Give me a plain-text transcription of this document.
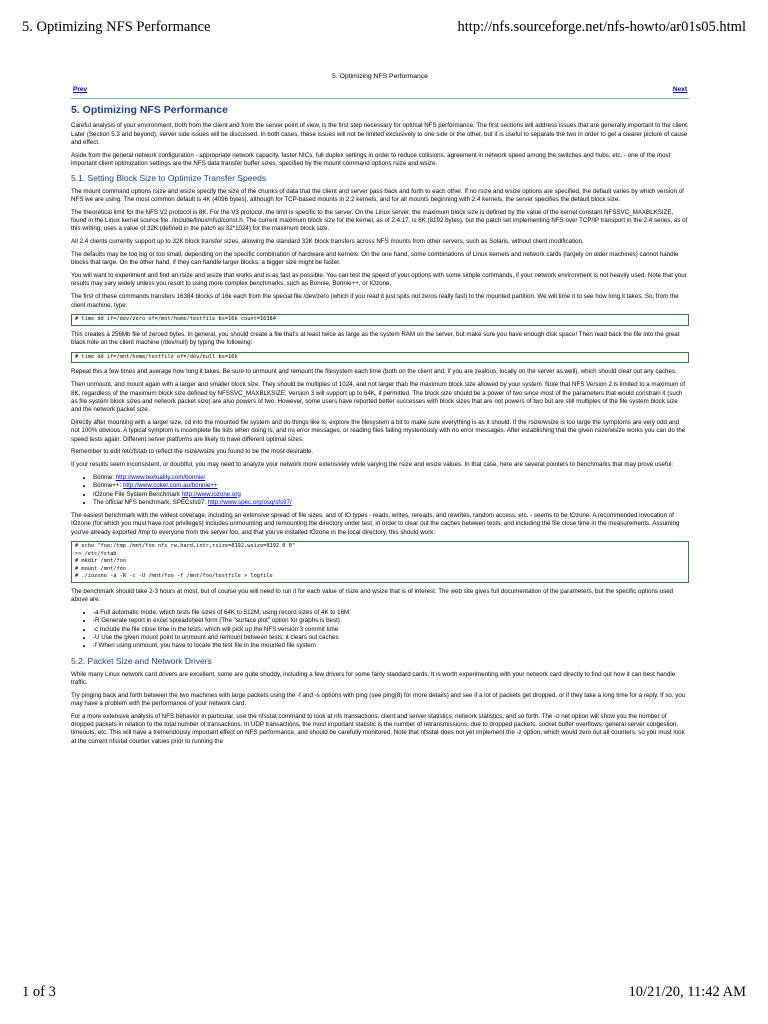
5. Optimizing NFS Performance	http://nfs.sourceforge.net/nfs-howto/ar01s05.html
5. Optimizing NFS Performance
Prev	Next
5. Optimizing NFS Performance

Careful analysis of your environment, both from the client and from the server point of view, is the first step necessary for optimal NFS performance. The first sections will address issues that are generally important to the client. Later (Section 5.3 and beyond), server side issues will be discussed. In both cases, these issues will not be limited exclusively to one side or the other, but it is useful to separate the two in order to get a clearer picture of cause and effect.

Aside from the general network configuration - appropriate network capacity, faster NICs, full duplex settings in order to reduce collisions, agreement in network speed among the switches and hubs, etc. - one of the most important client optimization settings are the NFS data transfer buffer sizes, specified by the mount command options rsize and wsize.

5.1. Setting Block Size to Optimize Transfer Speeds

The mount command options rsize and wsize specify the size of the chunks of data that the client and server pass back and forth to each other. If no rsize and wsize options are specified, the default varies by which version of NFS we are using. The most common default is 4K (4096 bytes), although for TCP-based mounts in 2.2 kernels, and for all mounts beginning with 2.4 kernels, the server specifies the default block size.

The theoretical limit for the NFS V2 protocol is 8K. For the V3 protocol, the limit is specific to the server. On the Linux server, the maximum block size is defined by the value of the kernel constant NFSSVC_MAXBLKSIZE, found in the Linux kernel source file ./include/linux/nfsd/const.h. The current maximum block size for the kernel, as of 2.4.17, is 8K (8192 bytes), but the patch set implementing NFS over TCP/IP transport in the 2.4 series, as of this writing, uses a value of 32K (defined in the patch as 32*1024) for the maximum block size.

All 2.4 clients currently support up to 32K block transfer sizes, allowing the standard 32K block transfers across NFS mounts from other servers, such as Solaris, without client modification.

The defaults may be too big or too small, depending on the specific combination of hardware and kernels. On the one hand, some combinations of Linux kernels and network cards (largely on older machines) cannot handle blocks that large. On the other hand, if they can handle larger blocks, a bigger size might be faster.

You will want to experiment and find an rsize and wsize that works and is as fast as possible. You can test the speed of your options with some simple commands, if your network environment is not heavily used. Note that your results may vary widely unless you resort to using more complex benchmarks, such as Bonnie, Bonnie++, or IOzone.

The first of these commands transfers 16384 blocks of 16k each from the special file /dev/zero (which if you read it just spits out zeros really fast) to the mounted partition. We will time it to see how long it takes. So, from the client machine, type:

# time dd if=/dev/zero of=/mnt/home/testfile bs=16k count=16384

This creates a 256Mb file of zeroed bytes. In general, you should create a file that's at least twice as large as the system RAM on the server, but make sure you have enough disk space! Then read back the file into the great black hole on the client machine (/dev/null) by typing the following:

# time dd if=/mnt/home/testfile of=/dev/null bs=16k

Repeat this a few times and average how long it takes. Be sure to unmount and remount the filesystem each time (both on the client and, if you are zealous, locally on the server as well), which should clear out any caches.

Then unmount, and mount again with a larger and smaller block size. They should be multiples of 1024, and not larger than the maximum block size allowed by your system. Note that NFS Version 2 is limited to a maximum of 8K, regardless of the maximum block size defined by NFSSVC_MAXBLKSIZE; Version 3 will support up to 64K, if permitted. The block size should be a power of two since most of the parameters that would constrain it (such as file system block sizes and network packet size) are also powers of two. However, some users have reported better successes with block sizes that are not powers of two but are still multiples of the file system block size and the network packet size.

Directly after mounting with a larger size, cd into the mounted file system and do things like ls, explore the filesystem a bit to make sure everything is as it should. If the rsize/wsize is too large the symptoms are very odd and not 100% obvious. A typical symptom is incomplete file lists when doing ls, and no error messages, or reading files failing mysteriously with no error messages. After establishing that the given rsize/wsize works you can do the speed tests again. Different server platforms are likely to have different optimal sizes.

Remember to edit /etc/fstab to reflect the rsize/wsize you found to be the most desirable.

If your results seem inconsistent, or doubtful, you may need to analyze your network more extensively while varying the rsize and wsize values. In that case, here are several pointers to benchmarks that may prove useful:

• Bonnie: http://www.textuality.com/bonnie/
• Bonnie++: http://www.coker.com.au/bonnie++
• IOzone File System Benchmark http://www.iozone.org
• The official NFS benchmark, SPECsfs97: http://www.spec.org/osg/sfs97/

The easiest benchmark with the widest coverage, including an extensive spread of file sizes, and of IO types - reads, writes, rereads, and rewrites, random access, etc. - seems to be IOzone. A recommended invocation of IOzone (for which you must have root privileges) includes unmounting and remounting the directory under test, in order to clear out the caches between tests, and including the file close time in the measurements. Assuming you've already exported /tmp to everyone from the server foo, and that you've installed IOzone in the local directory, this should work:

# echo "foo:/tmp /mnt/foo nfs rw,hard,intr,rsize=8192,wsize=8192 0 0"
>> /etc/fstab
# mkdir /mnt/foo
# mount /mnt/foo
# ./iozone -a -R -c -U /mnt/foo -f /mnt/foo/testfile > logfile

The benchmark should take 2-3 hours at most, but of course you will need to run it for each value of rsize and wsize that is of interest. The web site gives full documentation of the parameters, but the specific options used above are:

• -a Full automatic mode, which tests file sizes of 64K to 512M, using record sizes of 4K to 16M
• -R Generate report in excel spreadsheet form (The "surface plot" option for graphs is best)
• -c Include the file close time in the tests, which will pick up the NFS version 3 commit time
• -U Use the given mount point to unmount and remount between tests; it clears out caches
• -f When using unmount, you have to locate the test file in the mounted file system
5.2. Packet Size and Network Drivers

While many Linux network card drivers are excellent, some are quite shoddy, including a few drivers for some fairly standard cards. It is worth experimenting with your network card directly to find out how it can best handle traffic.

Try pinging back and forth between the two machines with large packets using the -f and -s options with ping (see ping(8) for more details) and see if a lot of packets get dropped, or if they take a long time for a reply. If so, you may have a problem with the performance of your network card.

For a more extensive analysis of NFS behavior in particular, use the nfsstat command to look at nfs transactions, client and server statistics, network statistics, and so forth. The -o net option will show you the number of dropped packets in relation to the total number of transactions. In UDP transactions, the most important statistic is the number of retransmissions, due to dropped packets, socket buffer overflows, general server congestion, timeouts, etc. This will have a tremendously important effect on NFS performance, and should be carefully monitored. Note that nfsstat does not yet implement the -z option, which would zero out all counters, so you must look at the current nfsstat counter values prior to running the

1 of 3	10/21/20, 11:42 AM
